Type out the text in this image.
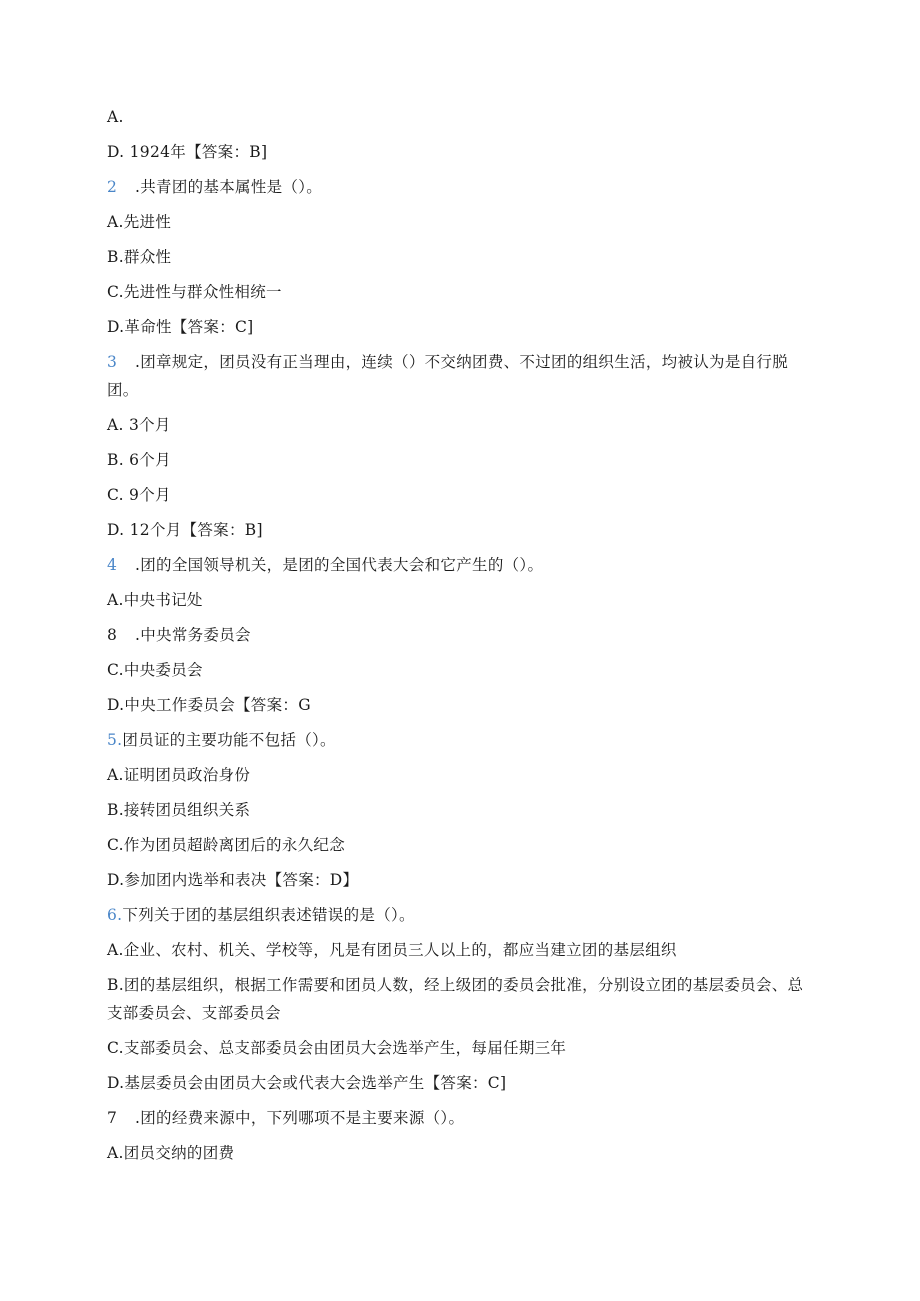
A.
D. 1924年【答案：B]
2 .共青团的基本属性是（）。
A.先进性
B.群众性
C.先进性与群众性相统一
D.革命性【答案：C]
3 .团章规定，团员没有正当理由，连续（）不交纳团费、不过团的组织生活，均被认为是自行脱团。
A. 3个月
B. 6个月
C. 9个月
D. 12个月【答案：B]
4 .团的全国领导机关，是团的全国代表大会和它产生的（）。
A.中央书记处
8 .中央常务委员会
C.中央委员会
D.中央工作委员会【答案：G
5.团员证的主要功能不包括（）。
A.证明团员政治身份
B.接转团员组织关系
C.作为团员超龄离团后的永久纪念
D.参加团内选举和表决【答案：D】
6.下列关于团的基层组织表述错误的是（）。
A.企业、农村、机关、学校等，凡是有团员三人以上的，都应当建立团的基层组织
B.团的基层组织，根据工作需要和团员人数，经上级团的委员会批准，分别设立团的基层委员会、总支部委员会、支部委员会
C.支部委员会、总支部委员会由团员大会选举产生，每届任期三年
D.基层委员会由团员大会或代表大会选举产生【答案：C]
7 .团的经费来源中，下列哪项不是主要来源（）。
A.团员交纳的团费
